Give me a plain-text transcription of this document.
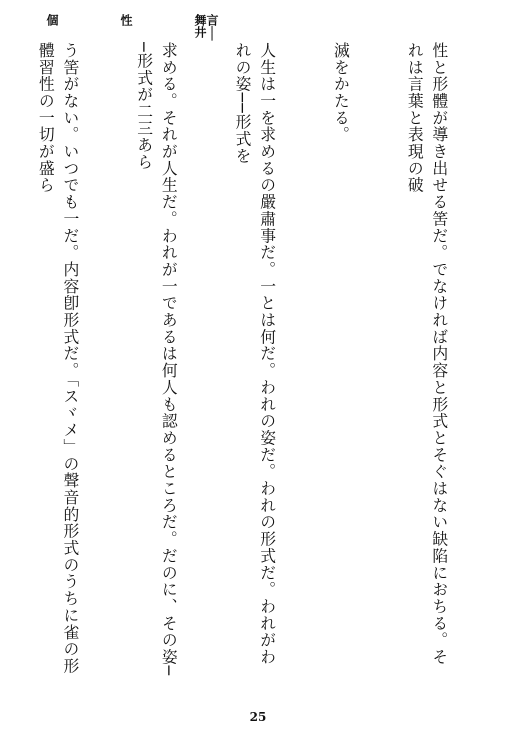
個	性	言──舞井

性と形體が導き出せる筈だ。でなければ内容と形式とそぐはない缺陷におちる。それは言葉と表現の破

滅をかたる。

人生は一を求めるの嚴肅事だ。一とは何だ。われの姿だ。われの形式だ。われがわれの姿──形式を

求める。それが人生だ。われが一であるは何人も認めるところだ。だのに、その姿──形式が二三あら

う筈がない。いつでも一だ。内容卽形式だ。「スヾメ」の聲音的形式のうちに雀の形體習性の一切が盛ら

25
